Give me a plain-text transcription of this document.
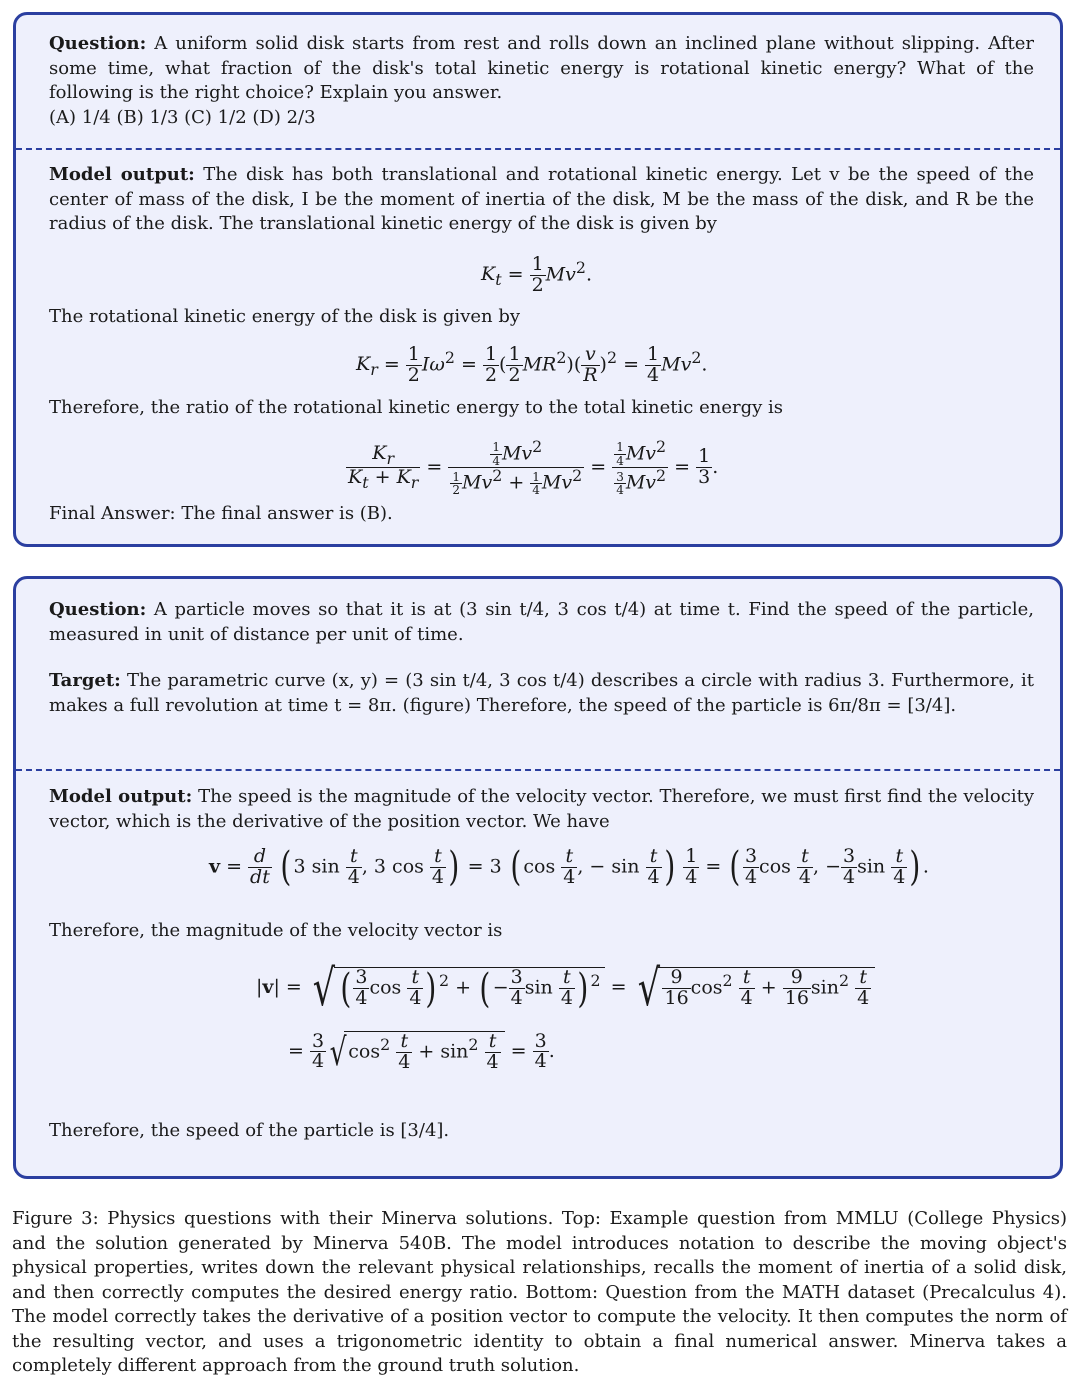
Question: A uniform solid disk starts from rest and rolls down an inclined plane without slipping. After some time, what fraction of the disk's total kinetic energy is rotational kinetic energy? What of the following is the right choice? Explain you answer.
(A) 1/4 (B) 1/3 (C) 1/2 (D) 2/3
Model output: The disk has both translational and rotational kinetic energy. Let v be the speed of the center of mass of the disk, I be the moment of inertia of the disk, M be the mass of the disk, and R be the radius of the disk. The translational kinetic energy of the disk is given by
$K_t = \frac{1}{2} Mv^2$.
The rotational kinetic energy of the disk is given by
$K_r = \frac{1}{2} I\omega^2 = \frac{1}{2}$ ( $\frac{1}{2} MR^2)( \frac{v}{R} )^2 = \frac{1}{4} Mv^2$.
Therefore, the ratio of the rotational kinetic energy to the total kinetic energy is
$\frac{K_r}{K_t + K_r} = \frac{\frac{1}{4} Mv^2}{\frac{1}{2} Mv^2 + \frac{1}{4} Mv^2} = \frac{\frac{1}{4} Mv^2}{\frac{3}{4} Mv^2} = \frac{1}{3}$ .
Final Answer: The final answer is (B).
Question: A particle moves so that it is at (3 sin t/4, 3 cos t/4) at time t. Find the speed of the particle, measured in unit of distance per unit of time.
Target: The parametric curve (x, y) = (3 sin t/4, 3 cos t/4) describes a circle with radius 3. Furthermore, it makes a full revolution at time t = 8π. (figure) Therefore, the speed of the particle is 6π/8π = [3/4].
Model output: The speed is the magnitude of the velocity vector. Therefore, we must first find the velocity vector, which is the derivative of the position vector. We have
$v = \frac{d}{dt}$ ( 3 $\sin \frac{t}{4}$ , 3 $\cos \frac{t}{4}$ ) = 3 ( $\cos \frac{t}{4}$ , − $\sin \frac{t}{4}$ ) $\frac{1}{4}$ = ( $\frac{3}{4}$ $\cos \frac{t}{4}$ , − $\frac{3}{4}$ $\sin \frac{t}{4}$ ) .
Therefore, the magnitude of the velocity vector is
|v| = √ ( $\frac{3}{4}$ $\cos \frac{t}{4}$ ) $^2$ + ( − $\frac{3}{4}$ $\sin \frac{t}{4}$ ) $^2$ = √ $\frac{9}{16} \cos^2 \frac{t}{4} + \frac{9}{16} \sin^2 \frac{t}{4}$
= $\frac{3}{4} √\cos^2 \frac{t}{4} + \sin^2 \frac{t}{4} = \frac{3}{4}$ .
Therefore, the speed of the particle is [3/4].
Figure 3: Physics questions with their Minerva solutions. Top: Example question from MMLU (College Physics) and the solution generated by Minerva 540B. The model introduces notation to describe the moving object's physical properties, writes down the relevant physical relationships, recalls the moment of inertia of a solid disk, and then correctly computes the desired energy ratio. Bottom: Question from the MATH dataset (Precalculus 4). The model correctly takes the derivative of a position vector to compute the velocity. It then computes the norm of the resulting vector, and uses a trigonometric identity to obtain a final numerical answer. Minerva takes a completely different approach from the ground truth solution.
